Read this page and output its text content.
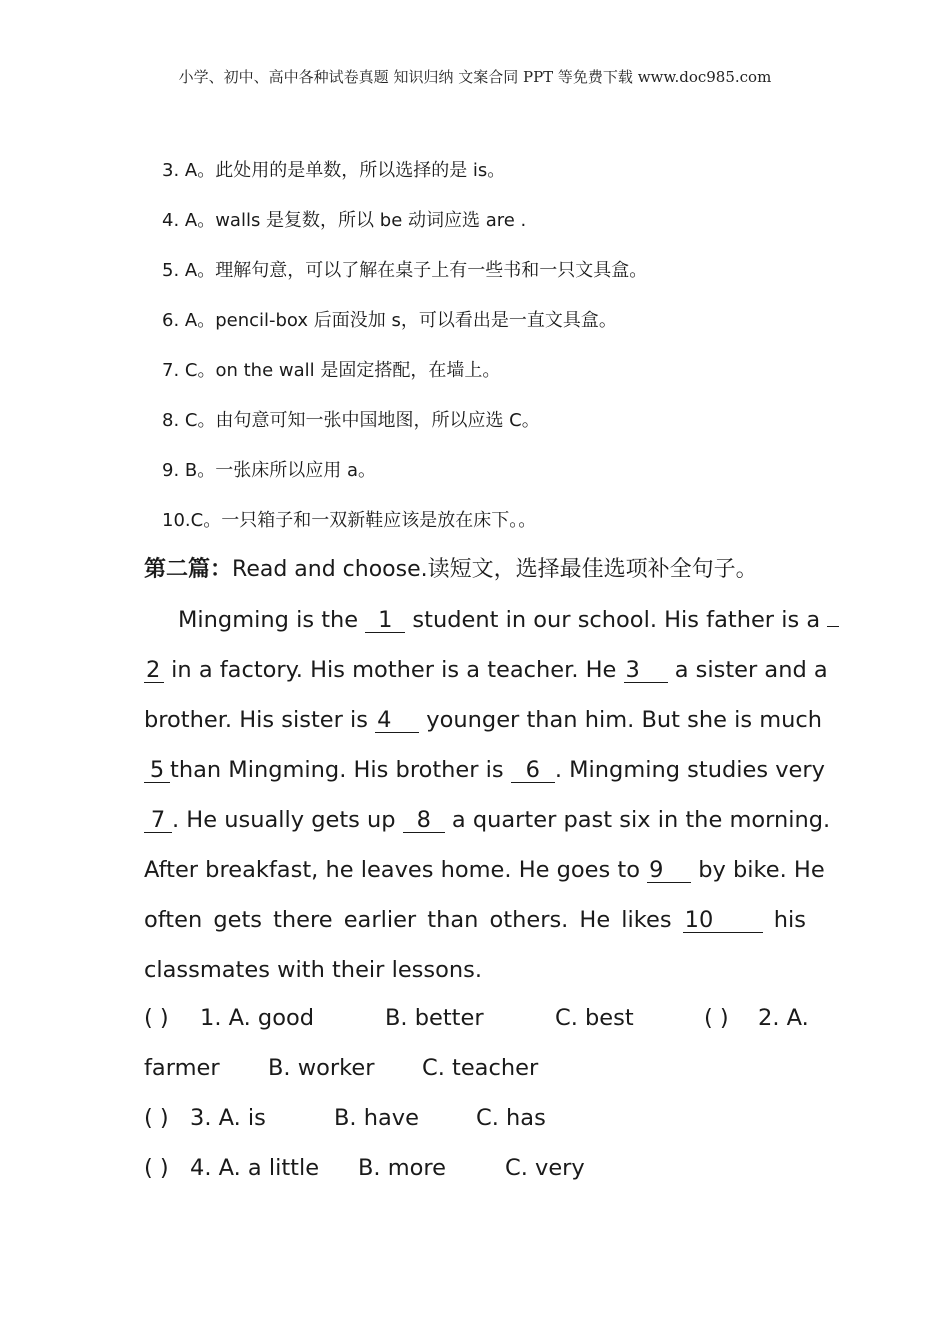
小学、初中、高中各种试卷真题 知识归纳 文案合同 PPT 等免费下载 www.doc985.com
3. A。此处用的是单数，所以选择的是 is。
4. A。walls 是复数，所以 be 动词应选 are .
5. A。理解句意，可以了解在桌子上有一些书和一只文具盒。
6. A。pencil-box 后面没加 s，可以看出是一直文具盒。
7. C。on the wall 是固定搭配，在墙上。
8. C。由句意可知一张中国地图，所以应选 C。
9. B。一张床所以应用 a。
10.C。一只箱子和一双新鞋应该是放在床下。。
第二篇：Read and choose.读短文，选择最佳选项补全句子。
Mingming is the 1 student in our school. His father is a
2 in a factory. His mother is a teacher. He 3 a sister and a
brother. His sister is 4 younger than him. But she is much
5 than Mingming. His brother is 6 . Mingming studies very
7 . He usually gets up 8 a quarter past six in the morning.
After breakfast, he leaves home. He goes to 9 by bike. He
often gets there earlier than others. He likes 10 his
classmates with their lessons.
( ) 1. A. good	B. better	C. best	( ) 2. A.
farmer B. worker C. teacher
( ) 3. A. is	B. have	C. has
( ) 4. A. a little B. more	C. very
